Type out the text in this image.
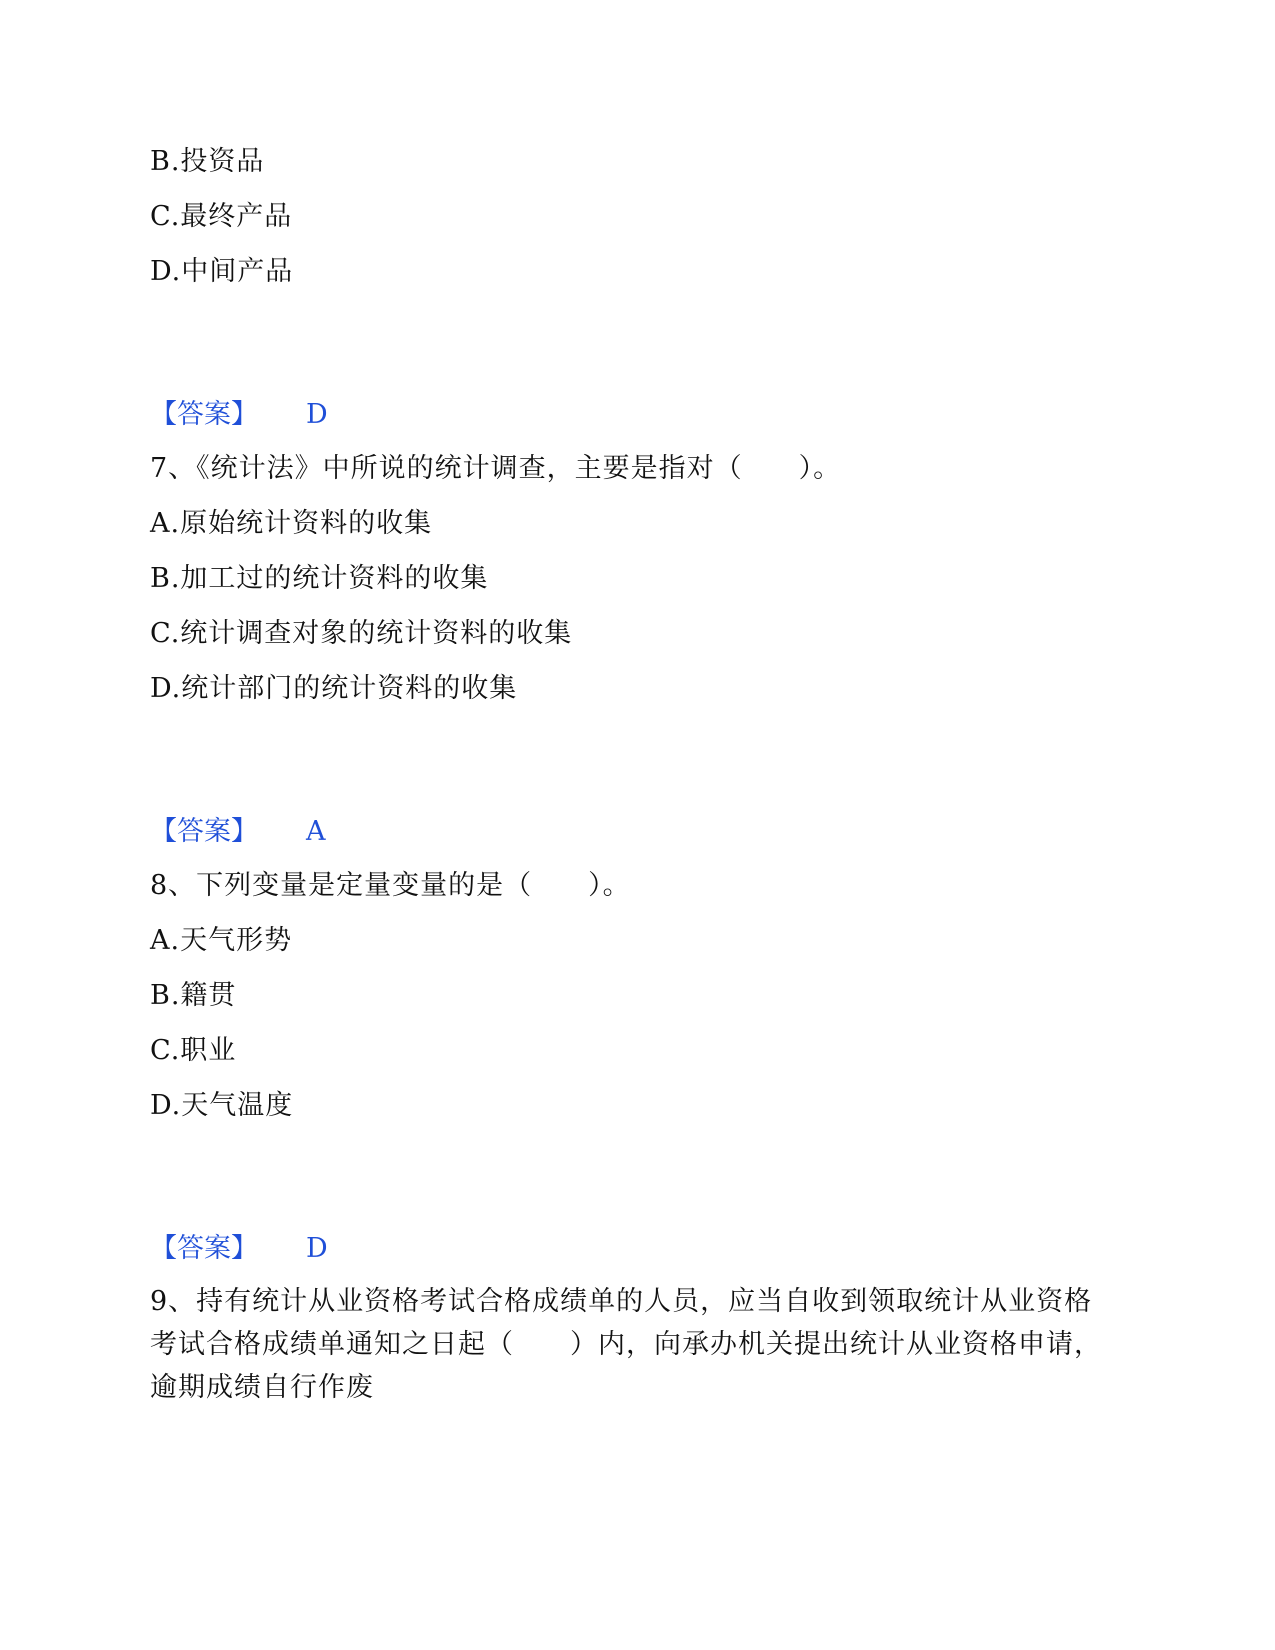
B.投资品
C.最终产品
D.中间产品
【答案】 D
7、《统计法》中所说的统计调查，主要是指对（　　）。
A.原始统计资料的收集
B.加工过的统计资料的收集
C.统计调查对象的统计资料的收集
D.统计部门的统计资料的收集
【答案】 A
8、下列变量是定量变量的是（　　）。
A.天气形势
B.籍贯
C.职业
D.天气温度
【答案】 D
9、持有统计从业资格考试合格成绩单的人员，应当自收到领取统计从业资格考试合格成绩单通知之日起（　　）内，向承办机关提出统计从业资格申请，逾期成绩自行作废
